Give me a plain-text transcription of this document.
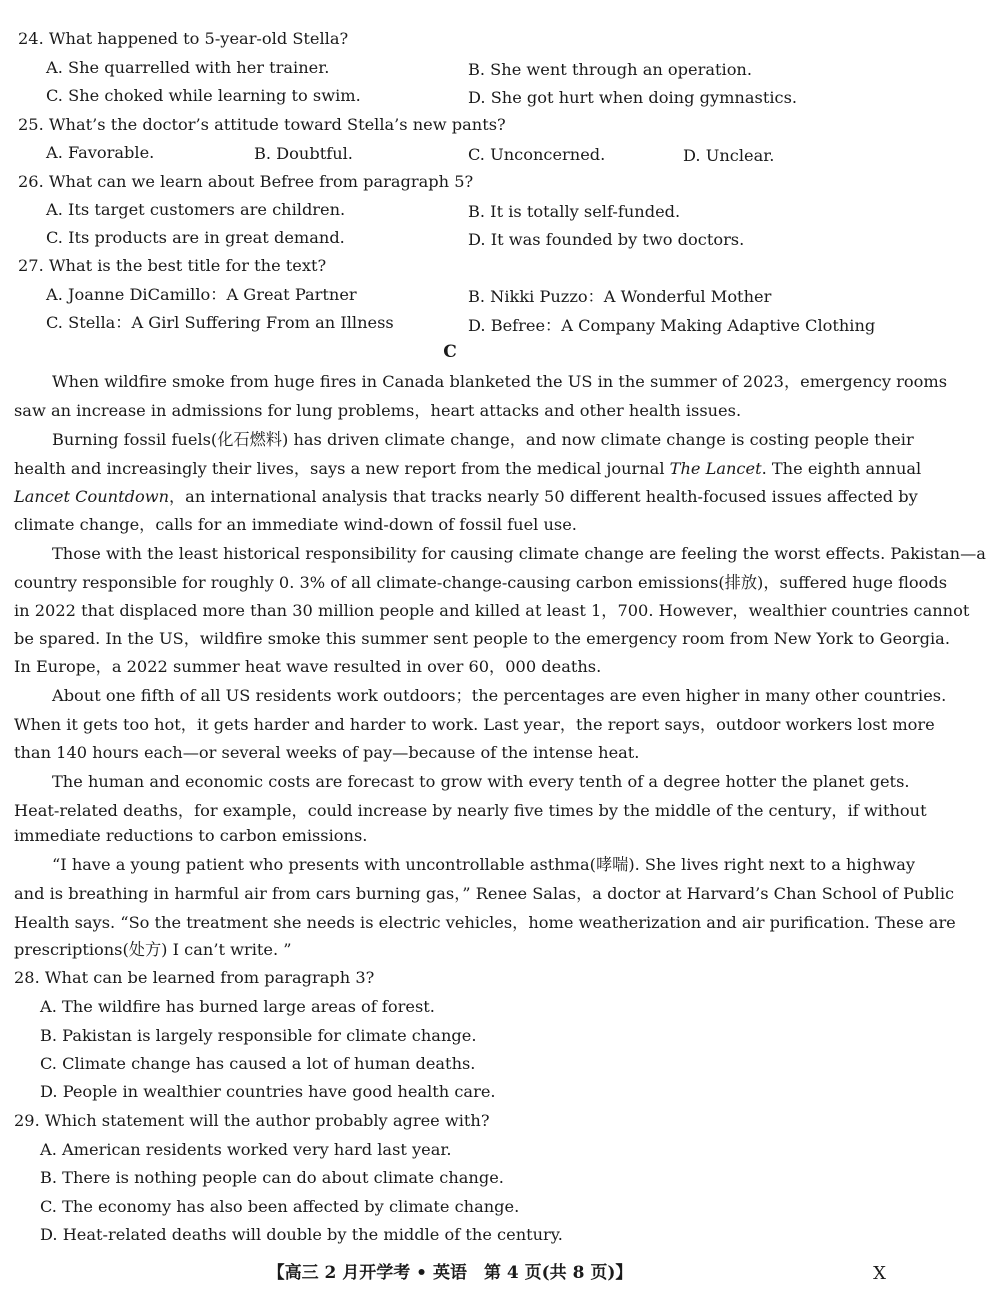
24. What happened to 5-year-old Stella?
A. She quarrelled with her trainer.	B. She went through an operation.
C. She choked while learning to swim.	D. She got hurt when doing gymnastics.
25. What’s the doctor’s attitude toward Stella’s new pants?
A. Favorable.	B. Doubtful.	C. Unconcerned.	D. Unclear.
26. What can we learn about Befree from paragraph 5?
A. Its target customers are children.	B. It is totally self-funded.
C. Its products are in great demand.	D. It was founded by two doctors.
27. What is the best title for the text?
A. Joanne DiCamillo：A Great Partner	B. Nikki Puzzo：A Wonderful Mother
C. Stella：A Girl Suffering From an Illness	D. Befree：A Company Making Adaptive Clothing
C
When wildfire smoke from huge fires in Canada blanketed the US in the summer of 2023，emergency rooms
saw an increase in admissions for lung problems，heart attacks and other health issues.
Burning fossil fuels(化石燃料) has driven climate change，and now climate change is costing people their
health and increasingly their lives，says a new report from the medical journal The Lancet. The eighth annual
Lancet Countdown，an international analysis that tracks nearly 50 different health-focused issues affected by
climate change，calls for an immediate wind-down of fossil fuel use.
Those with the least historical responsibility for causing climate change are feeling the worst effects. Pakistan—a
country responsible for roughly 0. 3% of all climate-change-causing carbon emissions(排放)，suffered huge floods
in 2022 that displaced more than 30 million people and killed at least 1，700. However，wealthier countries cannot
be spared. In the US，wildfire smoke this summer sent people to the emergency room from New York to Georgia.
In Europe，a 2022 summer heat wave resulted in over 60，000 deaths.
About one fifth of all US residents work outdoors；the percentages are even higher in many other countries.
When it gets too hot，it gets harder and harder to work. Last year，the report says，outdoor workers lost more
than 140 hours each—or several weeks of pay—because of the intense heat.
The human and economic costs are forecast to grow with every tenth of a degree hotter the planet gets.
Heat-related deaths，for example，could increase by nearly five times by the middle of the century，if without
immediate reductions to carbon emissions.
“I have a young patient who presents with uncontrollable asthma(哮喘). She lives right next to a highway
and is breathing in harmful air from cars burning gas，” Renee Salas，a doctor at Harvard’s Chan School of Public
Health says. “So the treatment she needs is electric vehicles，home weatherization and air purification. These are
prescriptions(处方) I can’t write. ”
28. What can be learned from paragraph 3?
A. The wildfire has burned large areas of forest.
B. Pakistan is largely responsible for climate change.
C. Climate change has caused a lot of human deaths.
D. People in wealthier countries have good health care.
29. Which statement will the author probably agree with?
A. American residents worked very hard last year.
B. There is nothing people can do about climate change.
C. The economy has also been affected by climate change.
D. Heat-related deaths will double by the middle of the century.
【高三 2 月开学考 • 英语　第 4 页(共 8 页)】	X
